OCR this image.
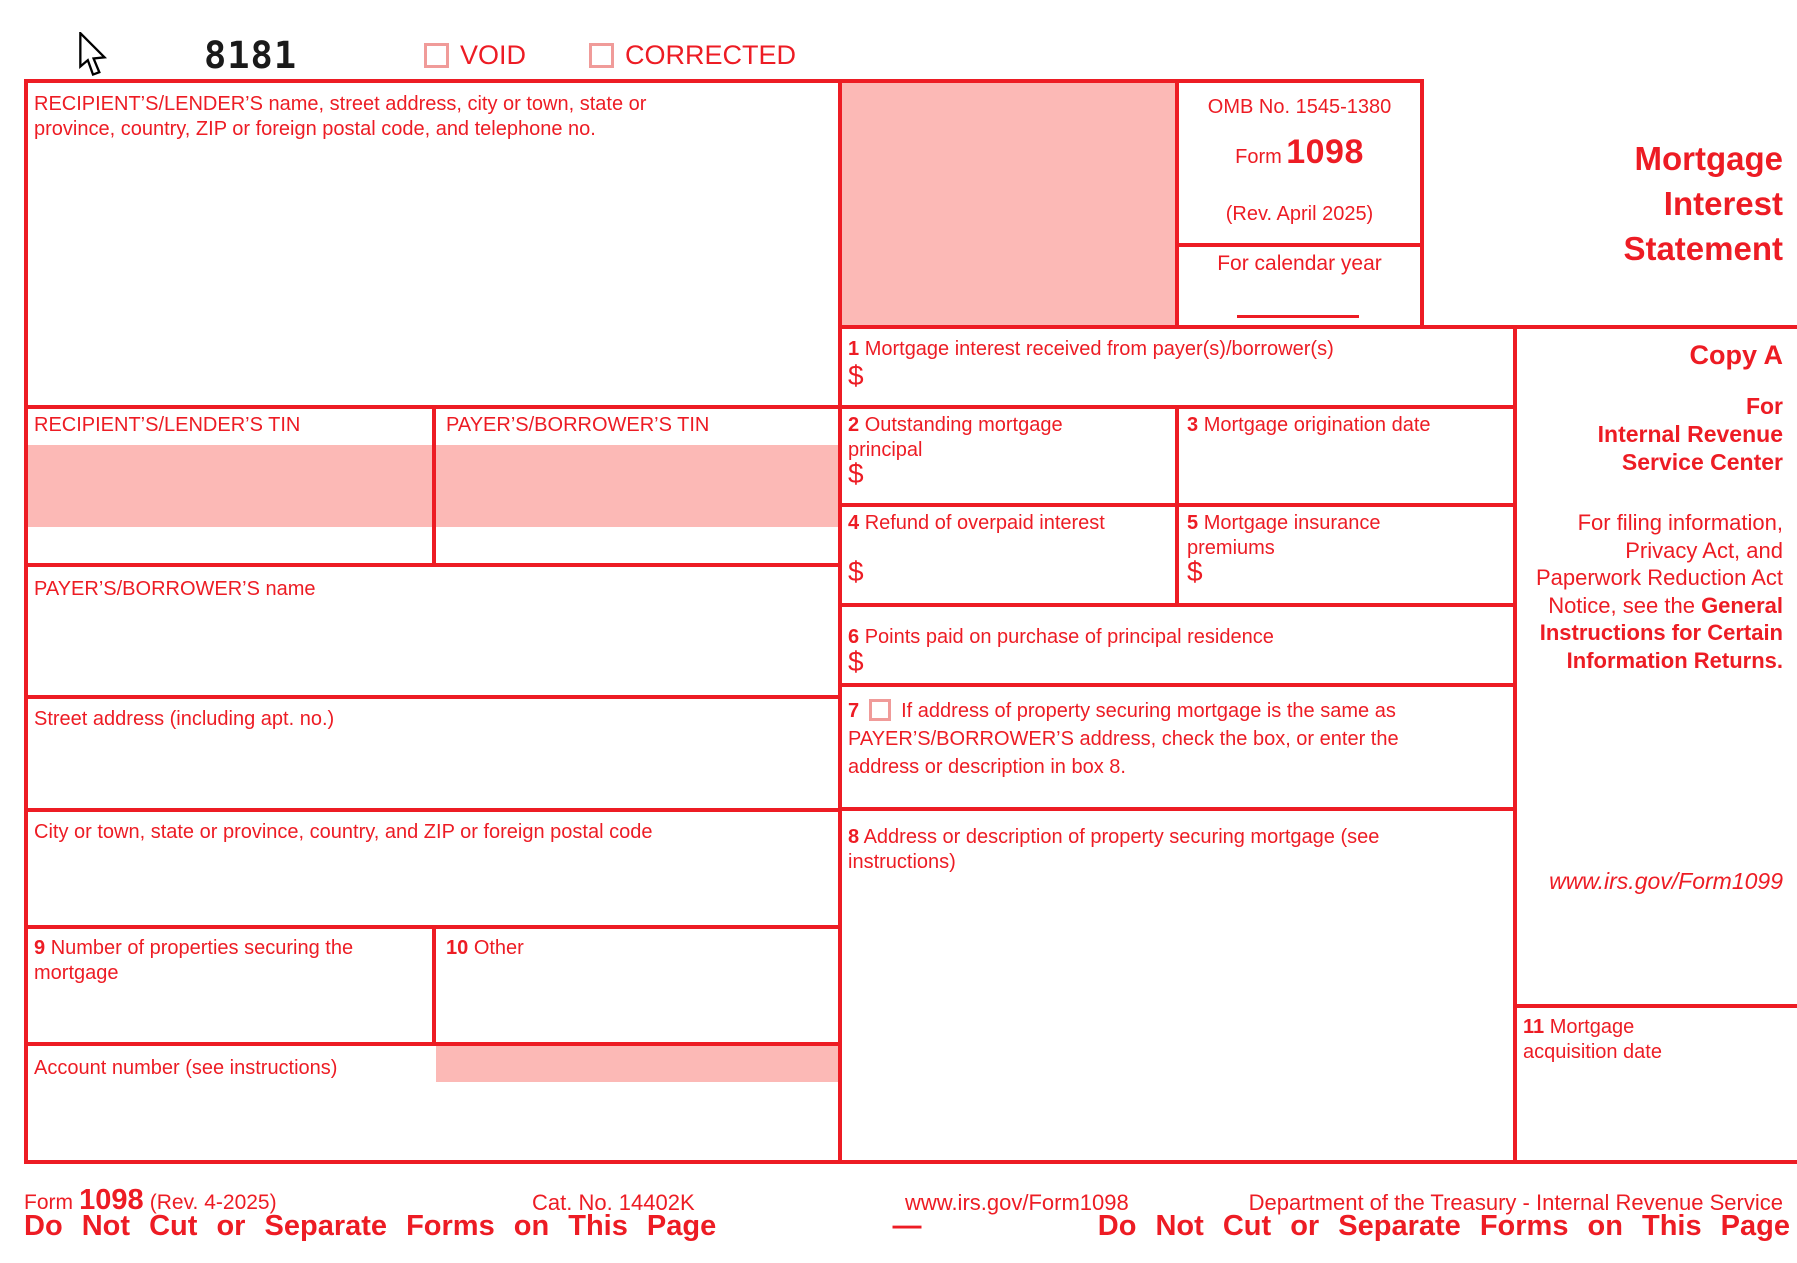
8181	VOID	CORRECTED
RECIPIENT’S/LENDER’S name, street address, city or town, state or province, country, ZIP or foreign postal code, and telephone no.
RECIPIENT’S/LENDER’S TIN	PAYER’S/BORROWER’S TIN
PAYER’S/BORROWER’S name
Street address (including apt. no.)
City or town, state or province, country, and ZIP or foreign postal code
9 Number of properties securing the mortgage
10 Other
Account number (see instructions)
1 Mortgage interest received from payer(s)/borrower(s)
$
2 Outstanding mortgage principal
$
3 Mortgage origination date
4 Refund of overpaid interest
$
5 Mortgage insurance premiums
$
6 Points paid on purchase of principal residence
$
7 If address of property securing mortgage is the same as PAYER’S/BORROWER’S address, check the box, or enter the address or description in box 8.
8 Address or description of property securing mortgage (see instructions)
OMB No. 1545-1380
Form 1098
(Rev. April 2025)
For calendar year
Mortgage
Interest
Statement
Copy A
For
Internal Revenue
Service Center
For filing information, Privacy Act, and Paperwork Reduction Act Notice, see the General Instructions for Certain Information Returns.
www.irs.gov/Form1099
11 Mortgage acquisition date
Form 1098 (Rev. 4-2025)	Cat. No. 14402K	www.irs.gov/Form1098	Department of the Treasury - Internal Revenue Service
Do Not Cut or Separate Forms on This Page	—	Do Not Cut or Separate Forms on This Page
